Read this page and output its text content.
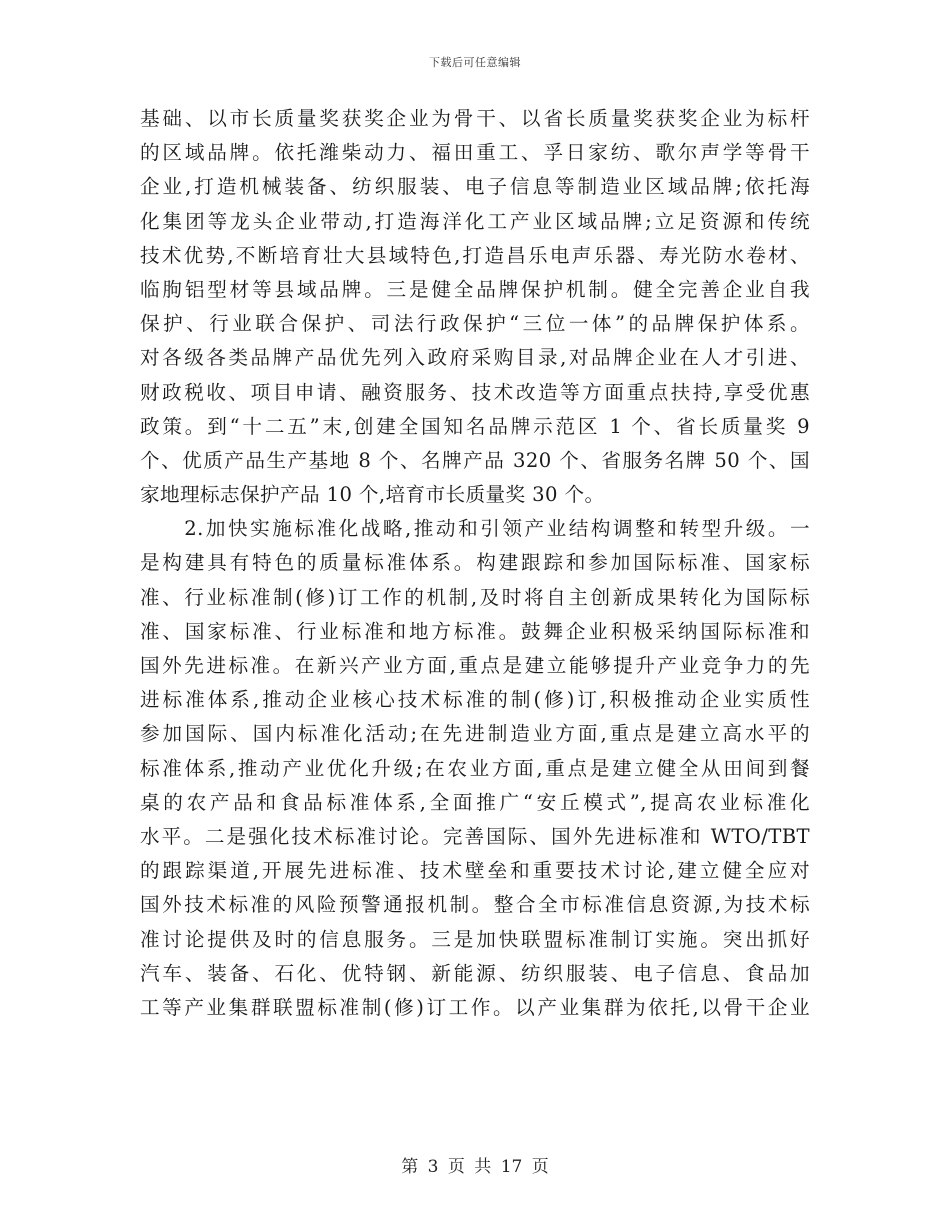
下载后可任意编辑
基础、以市长质量奖获奖企业为骨干、以省长质量奖获奖企业为标杆
的区域品牌。依托潍柴动力、福田重工、孚日家纺、歌尔声学等骨干
企业,打造机械装备、纺织服装、电子信息等制造业区域品牌;依托海
化集团等龙头企业带动,打造海洋化工产业区域品牌;立足资源和传统
技术优势,不断培育壮大县域特色,打造昌乐电声乐器、寿光防水卷材、
临朐铝型材等县域品牌。三是健全品牌保护机制。健全完善企业自我
保护、行业联合保护、司法行政保护“三位一体”的品牌保护体系。
对各级各类品牌产品优先列入政府采购目录,对品牌企业在人才引进、
财政税收、项目申请、融资服务、技术改造等方面重点扶持,享受优惠
政策。到“十二五”末,创建全国知名品牌示范区 1 个、省长质量奖 9
个、优质产品生产基地 8 个、名牌产品 320 个、省服务名牌 50 个、国
家地理标志保护产品 10 个,培育市长质量奖 30 个。
　　2.加快实施标准化战略,推动和引领产业结构调整和转型升级。一
是构建具有特色的质量标准体系。构建跟踪和参加国际标准、国家标
准、行业标准制(修)订工作的机制,及时将自主创新成果转化为国际标
准、国家标准、行业标准和地方标准。鼓舞企业积极采纳国际标准和
国外先进标准。在新兴产业方面,重点是建立能够提升产业竞争力的先
进标准体系,推动企业核心技术标准的制(修)订,积极推动企业实质性
参加国际、国内标准化活动;在先进制造业方面,重点是建立高水平的
标准体系,推动产业优化升级;在农业方面,重点是建立健全从田间到餐
桌的农产品和食品标准体系,全面推广“安丘模式”,提高农业标准化
水平。二是强化技术标准讨论。完善国际、国外先进标准和 WTO/TBT
的跟踪渠道,开展先进标准、技术壁垒和重要技术讨论,建立健全应对
国外技术标准的风险预警通报机制。整合全市标准信息资源,为技术标
准讨论提供及时的信息服务。三是加快联盟标准制订实施。突出抓好
汽车、装备、石化、优特钢、新能源、纺织服装、电子信息、食品加
工等产业集群联盟标准制(修)订工作。以产业集群为依托,以骨干企业
第 3 页 共 17 页
